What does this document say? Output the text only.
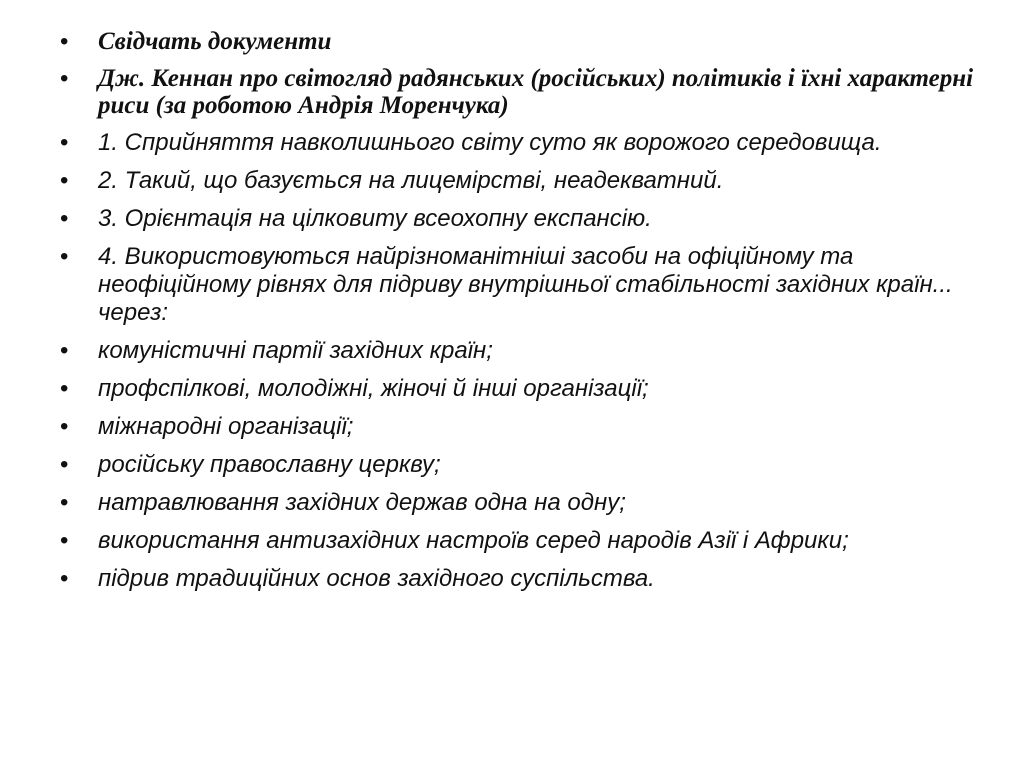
• Свідчать документи
• Дж. Кеннан про світогляд радянських (російських) політиків і їхні характерні риси (за роботою Андрія Моренчука)
• 1. Сприйняття навколишнього світу суто як ворожого середовища.
• 2. Такий, що базується на лицемірстві, неадекватний.
• 3. Орієнтація на цілковиту всеохопну експансію.
• 4. Використовуються найрізноманітніші засоби на офіційному та неофіційному рівнях для підриву внутрішньої стабільності західних країн... через:
• комуністичні партії західних країн;
• профспілкові, молодіжні, жіночі й інші організації;
• міжнародні організації;
• російську православну церкву;
• натравлювання західних держав одна на одну;
• використання антизахідних настроїв серед народів Азії і Африки;
• підрив традиційних основ західного суспільства.
